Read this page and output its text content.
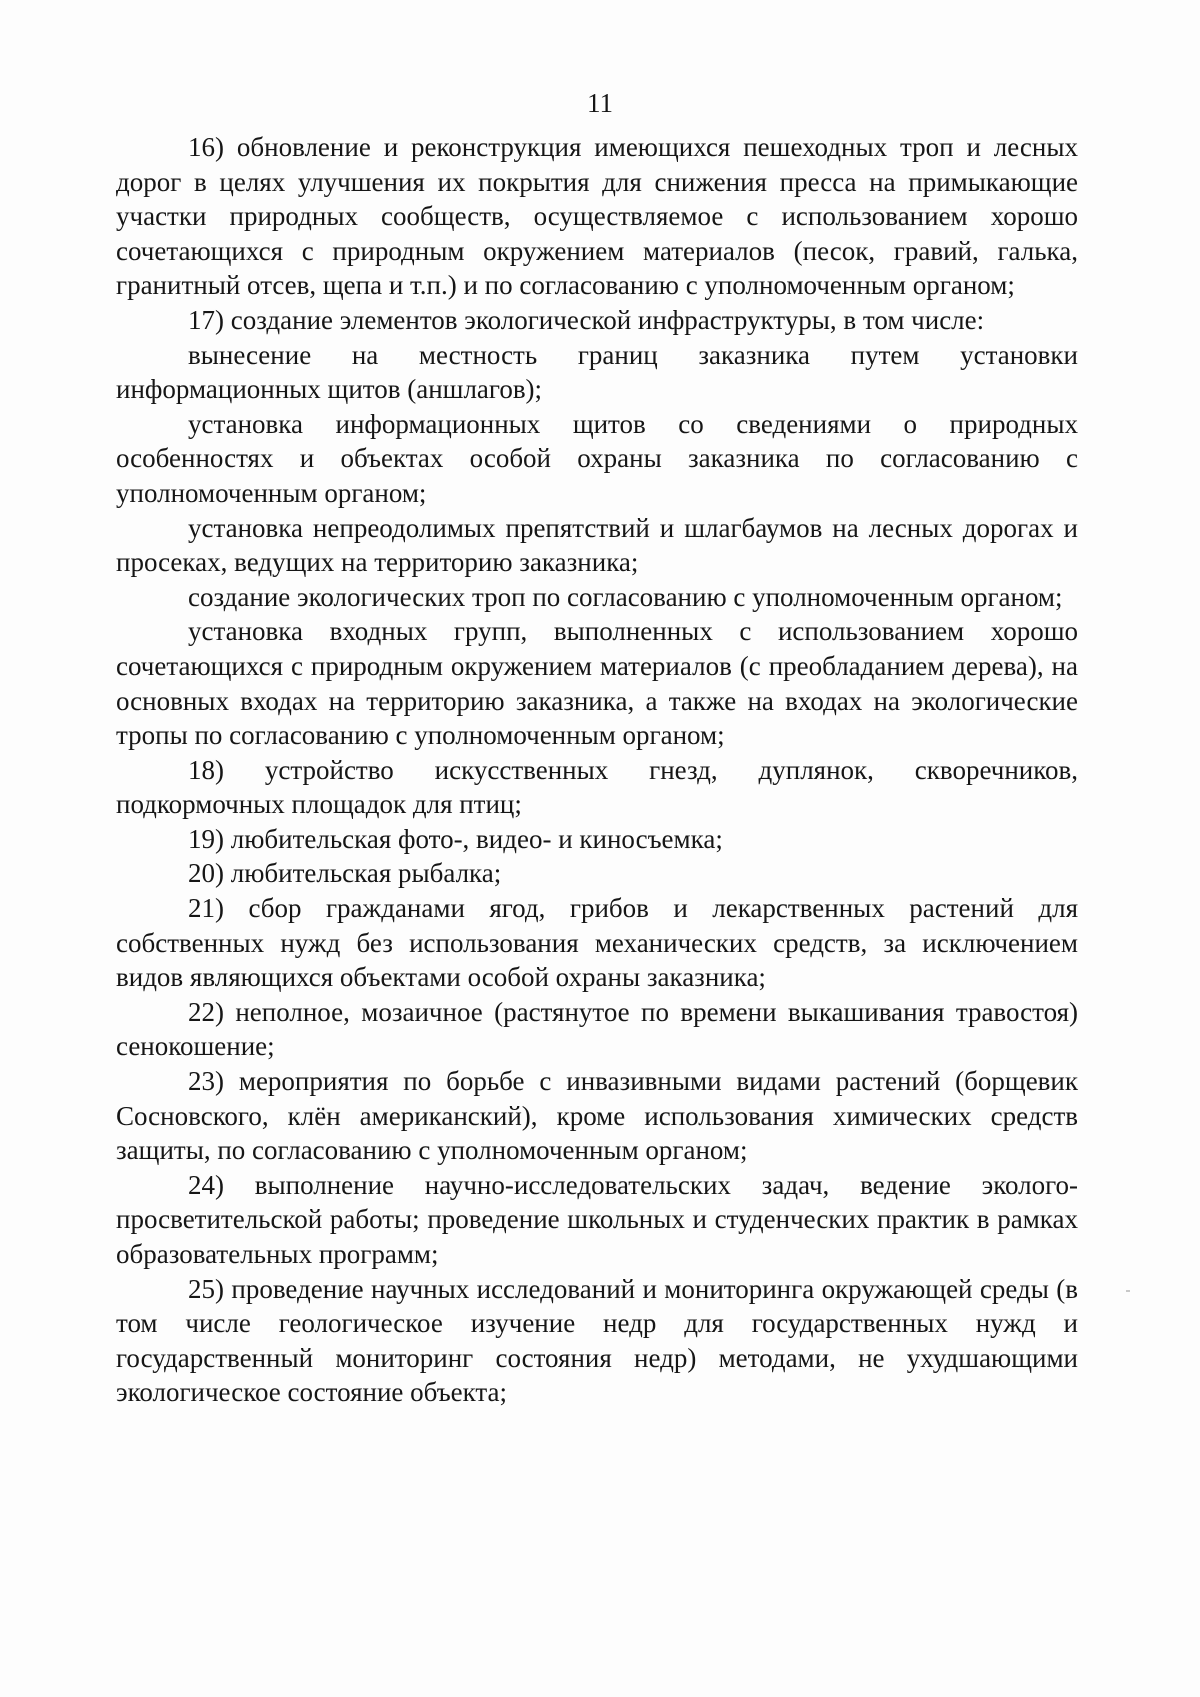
11

16) обновление и реконструкция имеющихся пешеходных троп и лесных дорог в целях улучшения их покрытия для снижения пресса на примыкающие участки природных сообществ, осуществляемое с использованием хорошо сочетающихся с природным окружением материалов (песок, гравий, галька, гранитный отсев, щепа и т.п.) и по согласованию с уполномоченным органом;

17) создание элементов экологической инфраструктуры, в том числе:

вынесение на местность границ заказника путем установки информационных щитов (аншлагов);

установка информационных щитов со сведениями о природных особенностях и объектах особой охраны заказника по согласованию с уполномоченным органом;

установка непреодолимых препятствий и шлагбаумов на лесных дорогах и просеках, ведущих на территорию заказника;

создание экологических троп по согласованию с уполномоченным органом;

установка входных групп, выполненных с использованием хорошо сочетающихся с природным окружением материалов (с преобладанием дерева), на основных входах на территорию заказника, а также на входах на экологические тропы по согласованию с уполномоченным органом;

18) устройство искусственных гнезд, дуплянок, скворечников, подкормочных площадок для птиц;

19) любительская фото-, видео- и киносъемка;

20) любительская рыбалка;

21) сбор гражданами ягод, грибов и лекарственных растений для собственных нужд без использования механических средств, за исключением видов являющихся объектами особой охраны заказника;

22) неполное, мозаичное (растянутое по времени выкашивания травостоя) сенокошение;

23) мероприятия по борьбе с инвазивными видами растений (борщевик Сосновского, клён американский), кроме использования химических средств защиты, по согласованию с уполномоченным органом;

24) выполнение научно-исследовательских задач, ведение эколого-просветительской работы; проведение школьных и студенческих практик в рамках образовательных программ;

25) проведение научных исследований и мониторинга окружающей среды (в том числе геологическое изучение недр для государственных нужд и государственный мониторинг состояния недр) методами, не ухудшающими экологическое состояние объекта;
